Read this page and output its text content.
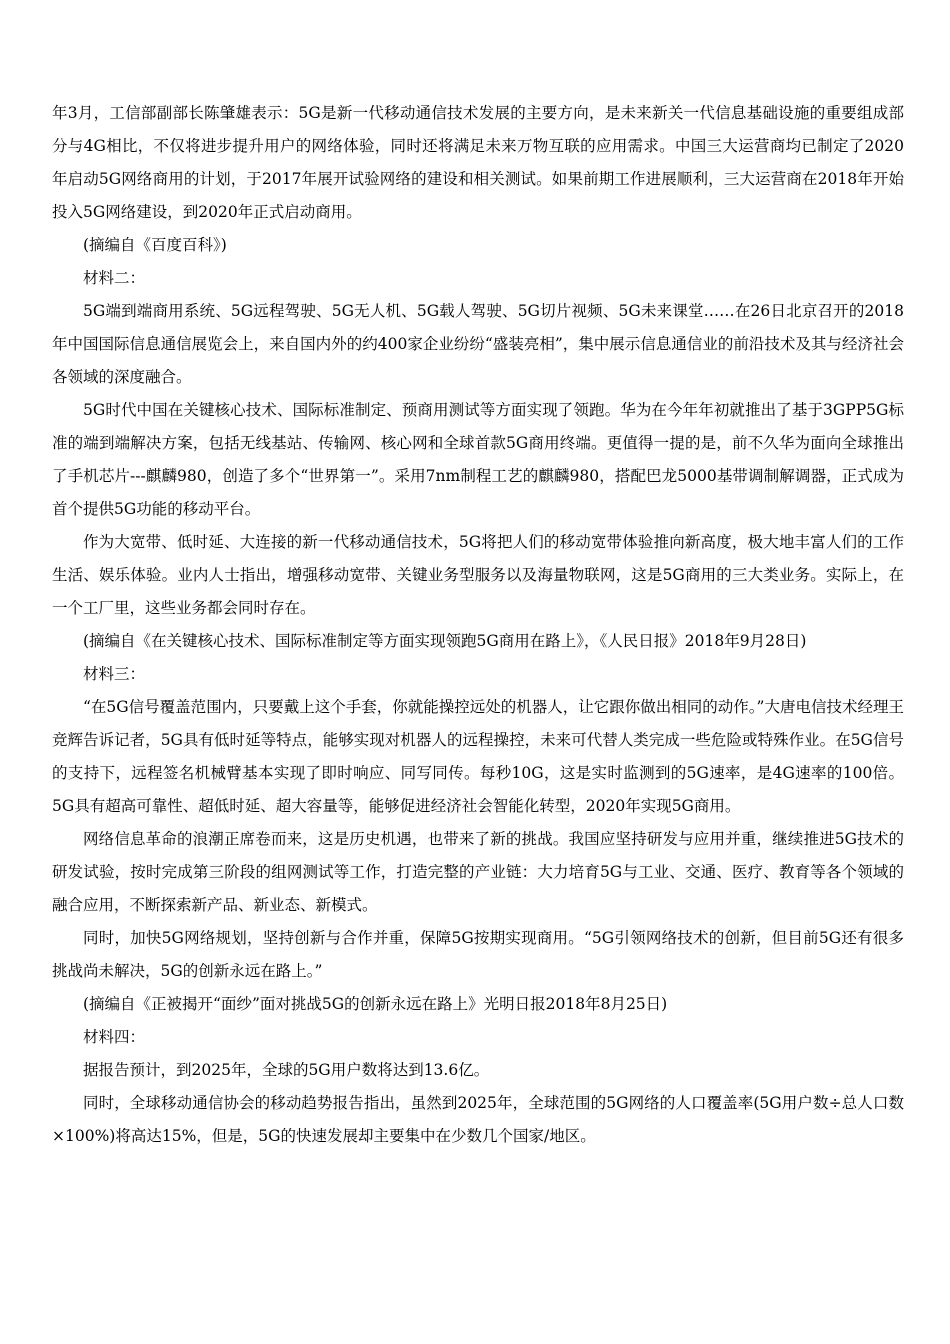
年3月，工信部副部长陈肇雄表示：5G是新一代移动通信技术发展的主要方向，是未来新关一代信息基础设施的重要组成部分与4G相比，不仅将进步提升用户的网络体验，同时还将满足未来万物互联的应用需求。中国三大运营商均已制定了2020年启动5G网络商用的计划，于2017年展开试验网络的建设和相关测试。如果前期工作进展顺利，三大运营商在2018年开始投入5G网络建设，到2020年正式启动商用。

(摘编自《百度百科》)

材料二：

5G端到端商用系统、5G远程驾驶、5G无人机、5G载人驾驶、5G切片视频、5G未来课堂……在26日北京召开的2018年中国国际信息通信展览会上，来自国内外的约400家企业纷纷“盛装亮相”，集中展示信息通信业的前沿技术及其与经济社会各领域的深度融合。

5G时代中国在关键核心技术、国际标准制定、预商用测试等方面实现了领跑。华为在今年年初就推出了基于3GPP5G标准的端到端解决方案，包括无线基站、传输网、核心网和全球首款5G商用终端。更值得一提的是，前不久华为面向全球推出了手机芯片---麒麟980，创造了多个“世界第一”。采用7nm制程工艺的麒麟980，搭配巴龙5000基带调制解调器，正式成为首个提供5G功能的移动平台。

作为大宽带、低时延、大连接的新一代移动通信技术，5G将把人们的移动宽带体验推向新高度，极大地丰富人们的工作生活、娱乐体验。业内人士指出，增强移动宽带、关键业务型服务以及海量物联网，这是5G商用的三大类业务。实际上，在一个工厂里，这些业务都会同时存在。

(摘编自《在关键核心技术、国际标准制定等方面实现领跑5G商用在路上》，《人民日报》2018年9月28日)

材料三：

“在5G信号覆盖范围内，只要戴上这个手套，你就能操控远处的机器人，让它跟你做出相同的动作。”大唐电信技术经理王竞辉告诉记者，5G具有低时延等特点，能够实现对机器人的远程操控，未来可代替人类完成一些危险或特殊作业。在5G信号的支持下，远程签名机械臂基本实现了即时响应、同写同传。每秒10G，这是实时监测到的5G速率，是4G速率的100倍。5G具有超高可靠性、超低时延、超大容量等，能够促进经济社会智能化转型，2020年实现5G商用。

网络信息革命的浪潮正席卷而来，这是历史机遇，也带来了新的挑战。我国应坚持研发与应用并重，继续推进5G技术的研发试验，按时完成第三阶段的组网测试等工作，打造完整的产业链：大力培育5G与工业、交通、医疗、教育等各个领域的融合应用，不断探索新产品、新业态、新模式。

同时，加快5G网络规划，坚持创新与合作并重，保障5G按期实现商用。“5G引领网络技术的创新，但目前5G还有很多挑战尚未解决，5G的创新永远在路上。”

(摘编自《正被揭开“面纱”面对挑战5G的创新永远在路上》光明日报2018年8月25日)

材料四：

据报告预计，到2025年，全球的5G用户数将达到13.6亿。

同时，全球移动通信协会的移动趋势报告指出，虽然到2025年，全球范围的5G网络的人口覆盖率(5G用户数÷总人口数×100%)将高达15%，但是，5G的快速发展却主要集中在少数几个国家/地区。
